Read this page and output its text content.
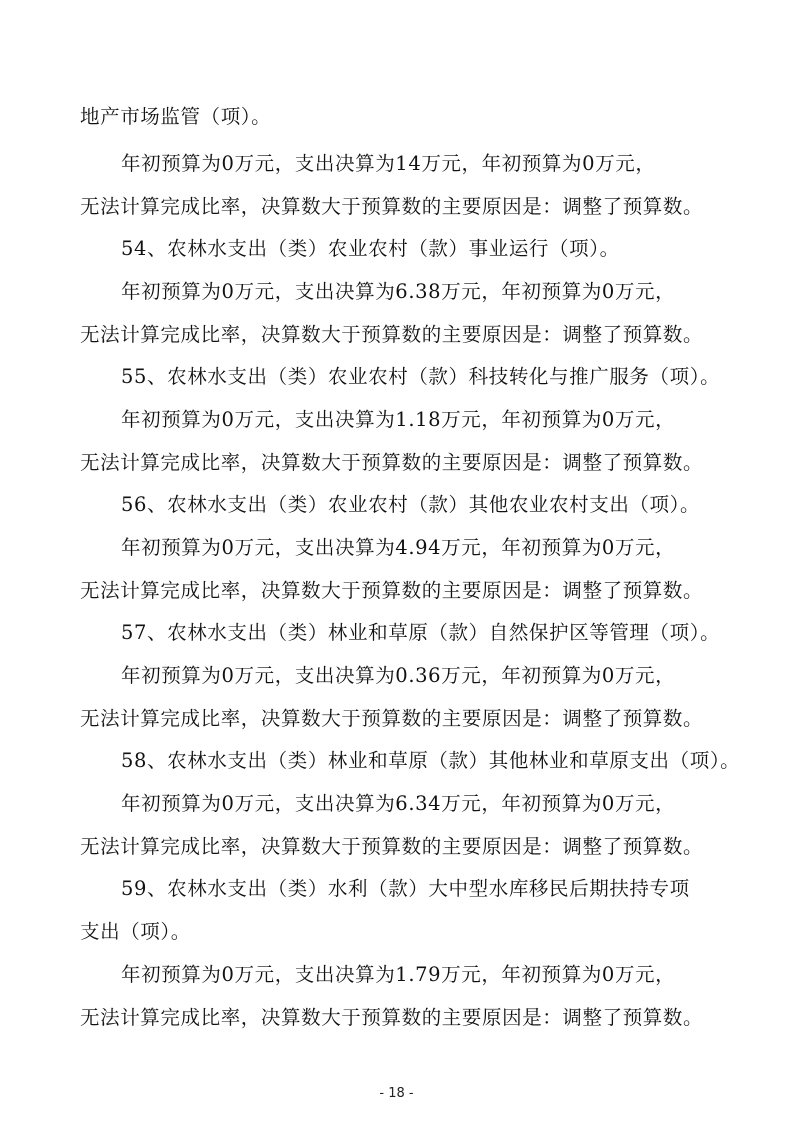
地产市场监管（项）。
年初预算为0万元，支出决算为14万元，年初预算为0万元，
无法计算完成比率，决算数大于预算数的主要原因是：调整了预算数。
54、农林水支出（类）农业农村（款）事业运行（项）。
年初预算为0万元，支出决算为6.38万元，年初预算为0万元，
无法计算完成比率，决算数大于预算数的主要原因是：调整了预算数。
55、农林水支出（类）农业农村（款）科技转化与推广服务（项）。
年初预算为0万元，支出决算为1.18万元，年初预算为0万元，
无法计算完成比率，决算数大于预算数的主要原因是：调整了预算数。
56、农林水支出（类）农业农村（款）其他农业农村支出（项）。
年初预算为0万元，支出决算为4.94万元，年初预算为0万元，
无法计算完成比率，决算数大于预算数的主要原因是：调整了预算数。
57、农林水支出（类）林业和草原（款）自然保护区等管理（项）。
年初预算为0万元，支出决算为0.36万元，年初预算为0万元，
无法计算完成比率，决算数大于预算数的主要原因是：调整了预算数。
58、农林水支出（类）林业和草原（款）其他林业和草原支出（项）。
年初预算为0万元，支出决算为6.34万元，年初预算为0万元，
无法计算完成比率，决算数大于预算数的主要原因是：调整了预算数。
59、农林水支出（类）水利（款）大中型水库移民后期扶持专项
支出（项）。
年初预算为0万元，支出决算为1.79万元，年初预算为0万元，
无法计算完成比率，决算数大于预算数的主要原因是：调整了预算数。
- 18 -
